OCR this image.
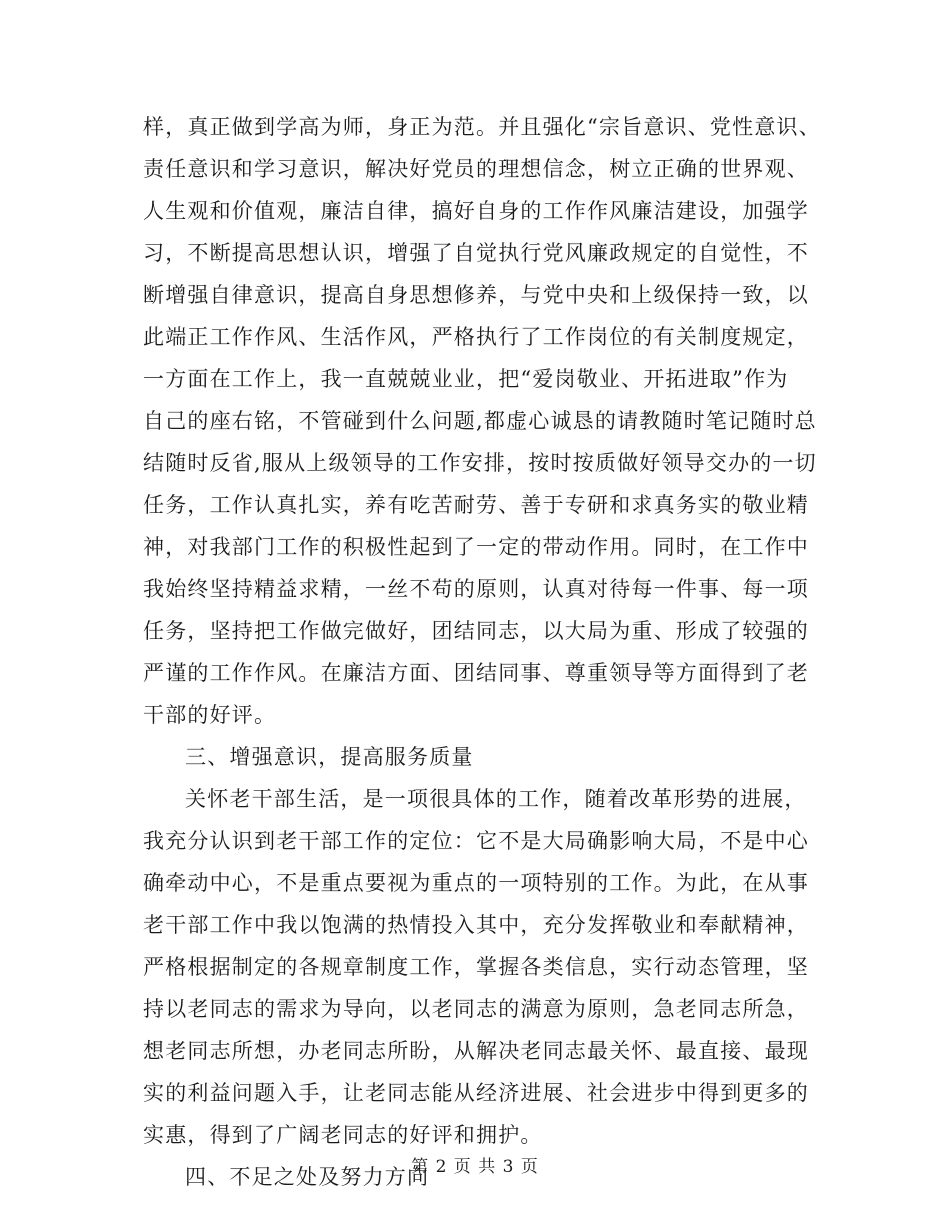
样，真正做到学高为师，身正为范。并且强化“宗旨意识、党性意识、
责任意识和学习意识，解决好党员的理想信念，树立正确的世界观、
人生观和价值观，廉洁自律，搞好自身的工作作风廉洁建设，加强学
习，不断提高思想认识，增强了自觉执行党风廉政规定的自觉性，不
断增强自律意识，提高自身思想修养，与党中央和上级保持一致，以
此端正工作作风、生活作风，严格执行了工作岗位的有关制度规定，
一方面在工作上，我一直兢兢业业，把“爱岗敬业、开拓进取”作为
自己的座右铭，不管碰到什么问题,都虚心诚恳的请教随时笔记随时总
结随时反省,服从上级领导的工作安排，按时按质做好领导交办的一切
任务，工作认真扎实，养有吃苦耐劳、善于专研和求真务实的敬业精
神，对我部门工作的积极性起到了一定的带动作用。同时，在工作中
我始终坚持精益求精，一丝不苟的原则，认真对待每一件事、每一项
任务，坚持把工作做完做好，团结同志，以大局为重、形成了较强的
严谨的工作作风。在廉洁方面、团结同事、尊重领导等方面得到了老
干部的好评。
三、增强意识，提高服务质量
关怀老干部生活，是一项很具体的工作，随着改革形势的进展，
我充分认识到老干部工作的定位：它不是大局确影响大局，不是中心
确牵动中心，不是重点要视为重点的一项特别的工作。为此，在从事
老干部工作中我以饱满的热情投入其中，充分发挥敬业和奉献精神，
严格根据制定的各规章制度工作，掌握各类信息，实行动态管理，坚
持以老同志的需求为导向，以老同志的满意为原则，急老同志所急，
想老同志所想，办老同志所盼，从解决老同志最关怀、最直接、最现
实的利益问题入手，让老同志能从经济进展、社会进步中得到更多的
实惠，得到了广阔老同志的好评和拥护。
四、不足之处及努力方向
第 2 页 共 3 页
